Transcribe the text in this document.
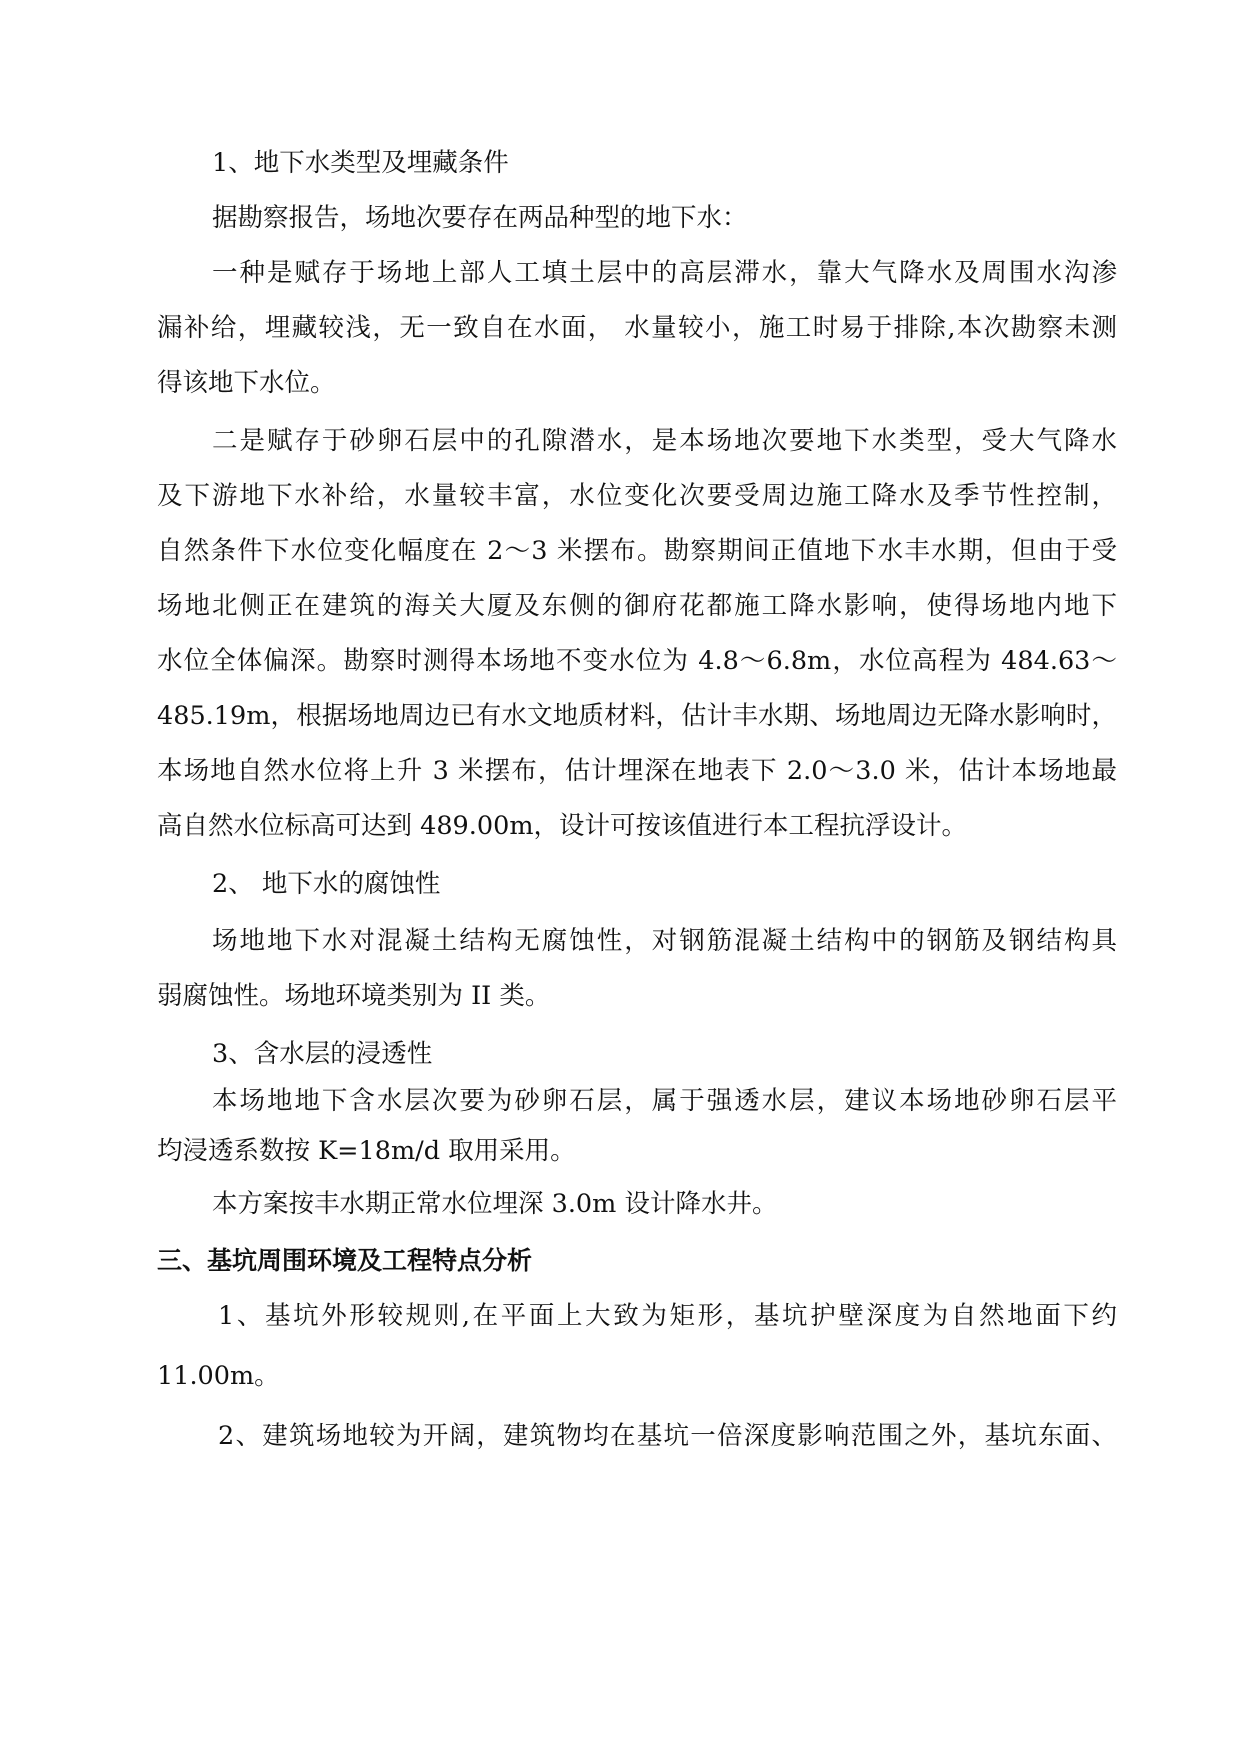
1、地下水类型及埋藏条件
据勘察报告，场地次要存在两品种型的地下水：
一种是赋存于场地上部人工填土层中的高层滞水，靠大气降水及周围水沟渗
漏补给，埋藏较浅，无一致自在水面， 水量较小，施工时易于排除,本次勘察未测
得该地下水位。
二是赋存于砂卵石层中的孔隙潜水，是本场地次要地下水类型，受大气降水
及下游地下水补给，水量较丰富，水位变化次要受周边施工降水及季节性控制，
自然条件下水位变化幅度在 2～3 米摆布。勘察期间正值地下水丰水期，但由于受
场地北侧正在建筑的海关大厦及东侧的御府花都施工降水影响，使得场地内地下
水位全体偏深。勘察时测得本场地不变水位为 4.8～6.8m，水位高程为 484.63～
485.19m，根据场地周边已有水文地质材料，估计丰水期、场地周边无降水影响时，
本场地自然水位将上升 3 米摆布，估计埋深在地表下 2.0～3.0 米，估计本场地最
高自然水位标高可达到 489.00m，设计可按该值进行本工程抗浮设计。
2、 地下水的腐蚀性
场地地下水对混凝土结构无腐蚀性，对钢筋混凝土结构中的钢筋及钢结构具
弱腐蚀性。场地环境类别为 II 类。
3、含水层的浸透性
本场地地下含水层次要为砂卵石层，属于强透水层，建议本场地砂卵石层平
均浸透系数按 K=18m/d 取用采用。
本方案按丰水期正常水位埋深 3.0m 设计降水井。
三、基坑周围环境及工程特点分析
1、基坑外形较规则,在平面上大致为矩形，基坑护壁深度为自然地面下约
11.00m。
2、建筑场地较为开阔，建筑物均在基坑一倍深度影响范围之外，基坑东面、
